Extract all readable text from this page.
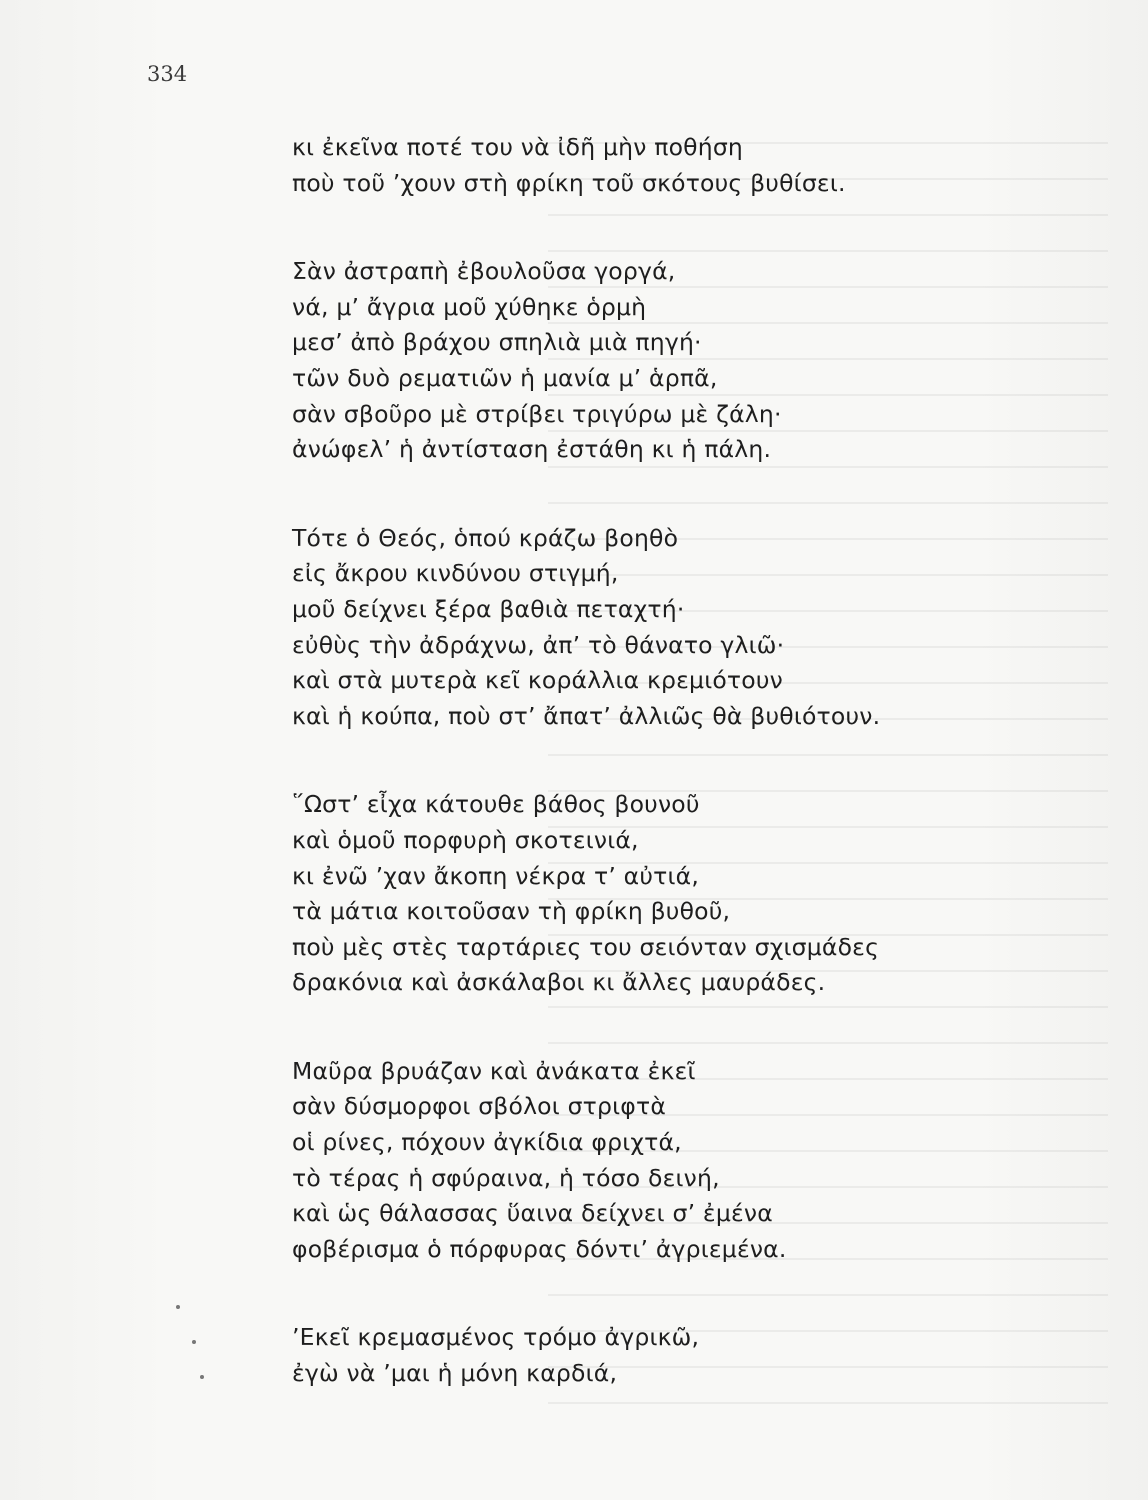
334
κι ἐκεῖνα ποτέ του νὰ ἰδῆ μὴν ποθήση
ποὺ τοῦ ’χουν στὴ φρίκη τοῦ σκότους βυθίσει.
Σὰν ἀστραπὴ ἐβουλοῦσα γοργά,
νά, μ’ ἄγρια μοῦ χύθηκε ὁρμὴ
μεσ’ ἀπὸ βράχου σπηλιὰ μιὰ πηγή·
τῶν δυὸ ρεματιῶν ἡ μανία μ’ ἁρπᾶ,
σὰν σβοῦρο μὲ στρίβει τριγύρω μὲ ζάλη·
ἀνώφελ’ ἡ ἀντίσταση ἐστάθη κι ἡ πάλη.
Τότε ὁ Θεός, ὁπού κράζω βοηθὸ
εἰς ἄκρου κινδύνου στιγμή,
μοῦ δείχνει ξέρα βαθιὰ πεταχτή·
εὐθὺς τὴν ἀδράχνω, ἀπ’ τὸ θάνατο γλιῶ·
καὶ στὰ μυτερὰ κεῖ κοράλλια κρεμιότουν
καὶ ἡ κούπα, ποὺ στ’ ἄπατ’ ἀλλιῶς θὰ βυθιότουν.
῞Ωστ’ εἶχα κάτουθε βάθος βουνοῦ
καὶ ὁμοῦ πορφυρὴ σκοτεινιά,
κι ἐνῶ ’χαν ἄκοπη νέκρα τ’ αὐτιά,
τὰ μάτια κοιτοῦσαν τὴ φρίκη βυθοῦ,
ποὺ μὲς στὲς ταρτάριες του σειόνταν σχισμάδες
δρακόνια καὶ ἀσκάλαβοι κι ἄλλες μαυράδες.
Μαῦρα βρυάζαν καὶ ἀνάκατα ἐκεῖ
σὰν δύσμορφοι σβόλοι στριφτὰ
οἱ ρίνες, πόχουν ἀγκίδια φριχτά,
τὸ τέρας ἡ σφύραινα, ἡ τόσο δεινή,
καὶ ὡς θάλασσας ὕαινα δείχνει σ’ ἐμένα
φοβέρισμα ὁ πόρφυρας δόντι’ ἀγριεμένα.
’Εκεῖ κρεμασμένος τρόμο ἀγρικῶ,
ἐγὼ νὰ ’μαι ἡ μόνη καρδιά,
